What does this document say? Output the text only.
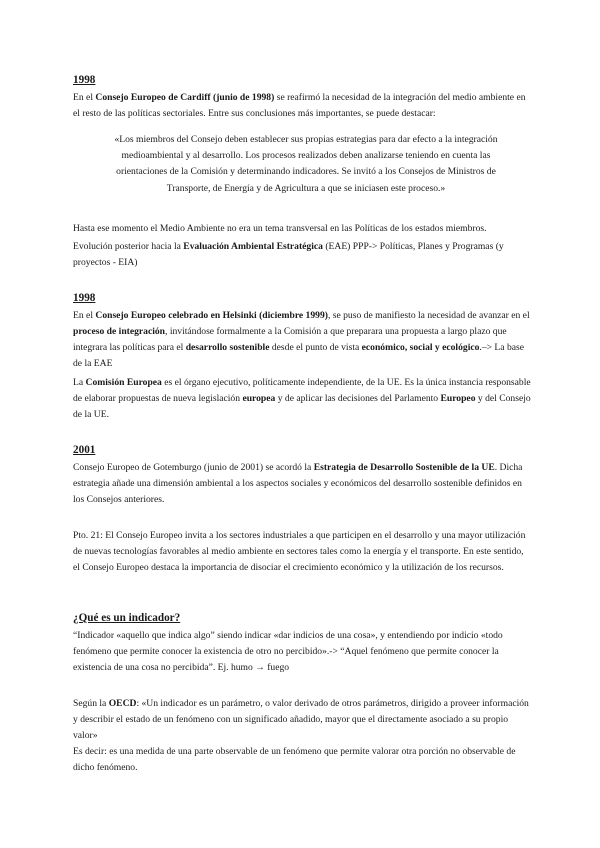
1998

En el Consejo Europeo de Cardiff (junio de 1998) se reafirmó la necesidad de la integración del medio ambiente en el resto de las políticas sectoriales. Entre sus conclusiones más importantes, se puede destacar:

«Los miembros del Consejo deben establecer sus propias estrategias para dar efecto a la integración medioambiental y al desarrollo. Los procesos realizados deben analizarse teniendo en cuenta las orientaciones de la Comisión y determinando indicadores. Se invitó a los Consejos de Ministros de Transporte, de Energía y de Agricultura a que se iniciasen este proceso.»

Hasta ese momento el Medio Ambiente no era un tema transversal en las Políticas de los estados miembros.

Evolución posterior hacia la Evaluación Ambiental Estratégica (EAE) PPP-> Políticas, Planes y Programas (y proyectos - EIA)

1998

En el Consejo Europeo celebrado en Helsinki (diciembre 1999), se puso de manifiesto la necesidad de avanzar en el proceso de integración, invitándose formalmente a la Comisión a que preparara una propuesta a largo plazo que integrara las políticas para el desarrollo sostenible desde el punto de vista económico, social y ecológico.–> La base de la EAE

La Comisión Europea es el órgano ejecutivo, políticamente independiente, de la UE. Es la única instancia responsable de elaborar propuestas de nueva legislación europea y de aplicar las decisiones del Parlamento Europeo y del Consejo de la UE.

2001

Consejo Europeo de Gotemburgo (junio de 2001) se acordó la Estrategia de Desarrollo Sostenible de la UE. Dicha estrategia añade una dimensión ambiental a los aspectos sociales y económicos del desarrollo sostenible definidos en los Consejos anteriores.

Pto. 21: El Consejo Europeo invita a los sectores industriales a que participen en el desarrollo y una mayor utilización de nuevas tecnologías favorables al medio ambiente en sectores tales como la energía y el transporte. En este sentido, el Consejo Europeo destaca la importancia de disociar el crecimiento económico y la utilización de los recursos.

¿Qué es un indicador?

“Indicador «aquello que indica algo” siendo indicar «dar indicios de una cosa», y entendiendo por indicio «todo fenómeno que permite conocer la existencia de otro no percibido».-> “Aquel fenómeno que permite conocer la existencia de una cosa no percibida”. Ej. humo → fuego

Según la OECD: «Un indicador es un parámetro, o valor derivado de otros parámetros, dirigido a proveer información y describir el estado de un fenómeno con un significado añadido, mayor que el directamente asociado a su propio valor»

Es decir: es una medida de una parte observable de un fenómeno que permite valorar otra porción no observable de dicho fenómeno.
